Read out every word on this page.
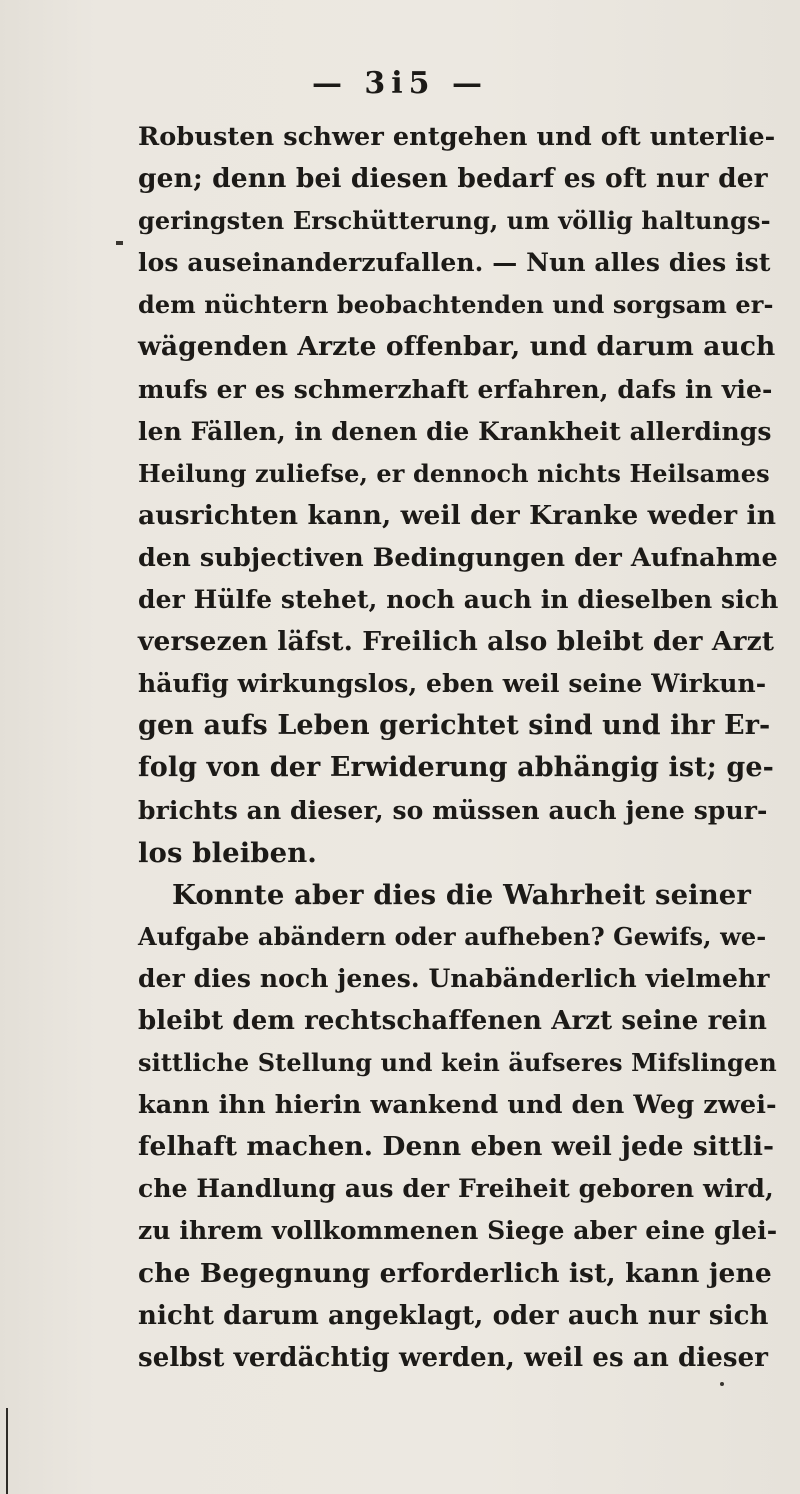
— 3i5 —
Robusten schwer entgehen und oft unterlie-
gen; denn bei diesen bedarf es oft nur der
geringsten Erschütterung, um völlig haltungs-
los auseinanderzufallen. — Nun alles dies ist
dem nüchtern beobachtenden und sorgsam er-
wägenden Arzte offenbar, und darum auch
mufs er es schmerzhaft erfahren, dafs in vie-
len Fällen, in denen die Krankheit allerdings
Heilung zuliefse, er dennoch nichts Heilsames
ausrichten kann, weil der Kranke weder in
den subjectiven Bedingungen der Aufnahme
der Hülfe stehet, noch auch in dieselben sich
versezen läfst. Freilich also bleibt der Arzt
häufig wirkungslos, eben weil seine Wirkun-
gen aufs Leben gerichtet sind und ihr Er-
folg von der Erwiderung abhängig ist; ge-
brichts an dieser, so müssen auch jene spur-
los bleiben.
Konnte aber dies die Wahrheit seiner
Aufgabe abändern oder aufheben? Gewifs, we-
der dies noch jenes. Unabänderlich vielmehr
bleibt dem rechtschaffenen Arzt seine rein
sittliche Stellung und kein äufseres Mifslingen
kann ihn hierin wankend und den Weg zwei-
felhaft machen. Denn eben weil jede sittli-
che Handlung aus der Freiheit geboren wird,
zu ihrem vollkommenen Siege aber eine glei-
che Begegnung erforderlich ist, kann jene
nicht darum angeklagt, oder auch nur sich
selbst verdächtig werden, weil es an dieser
